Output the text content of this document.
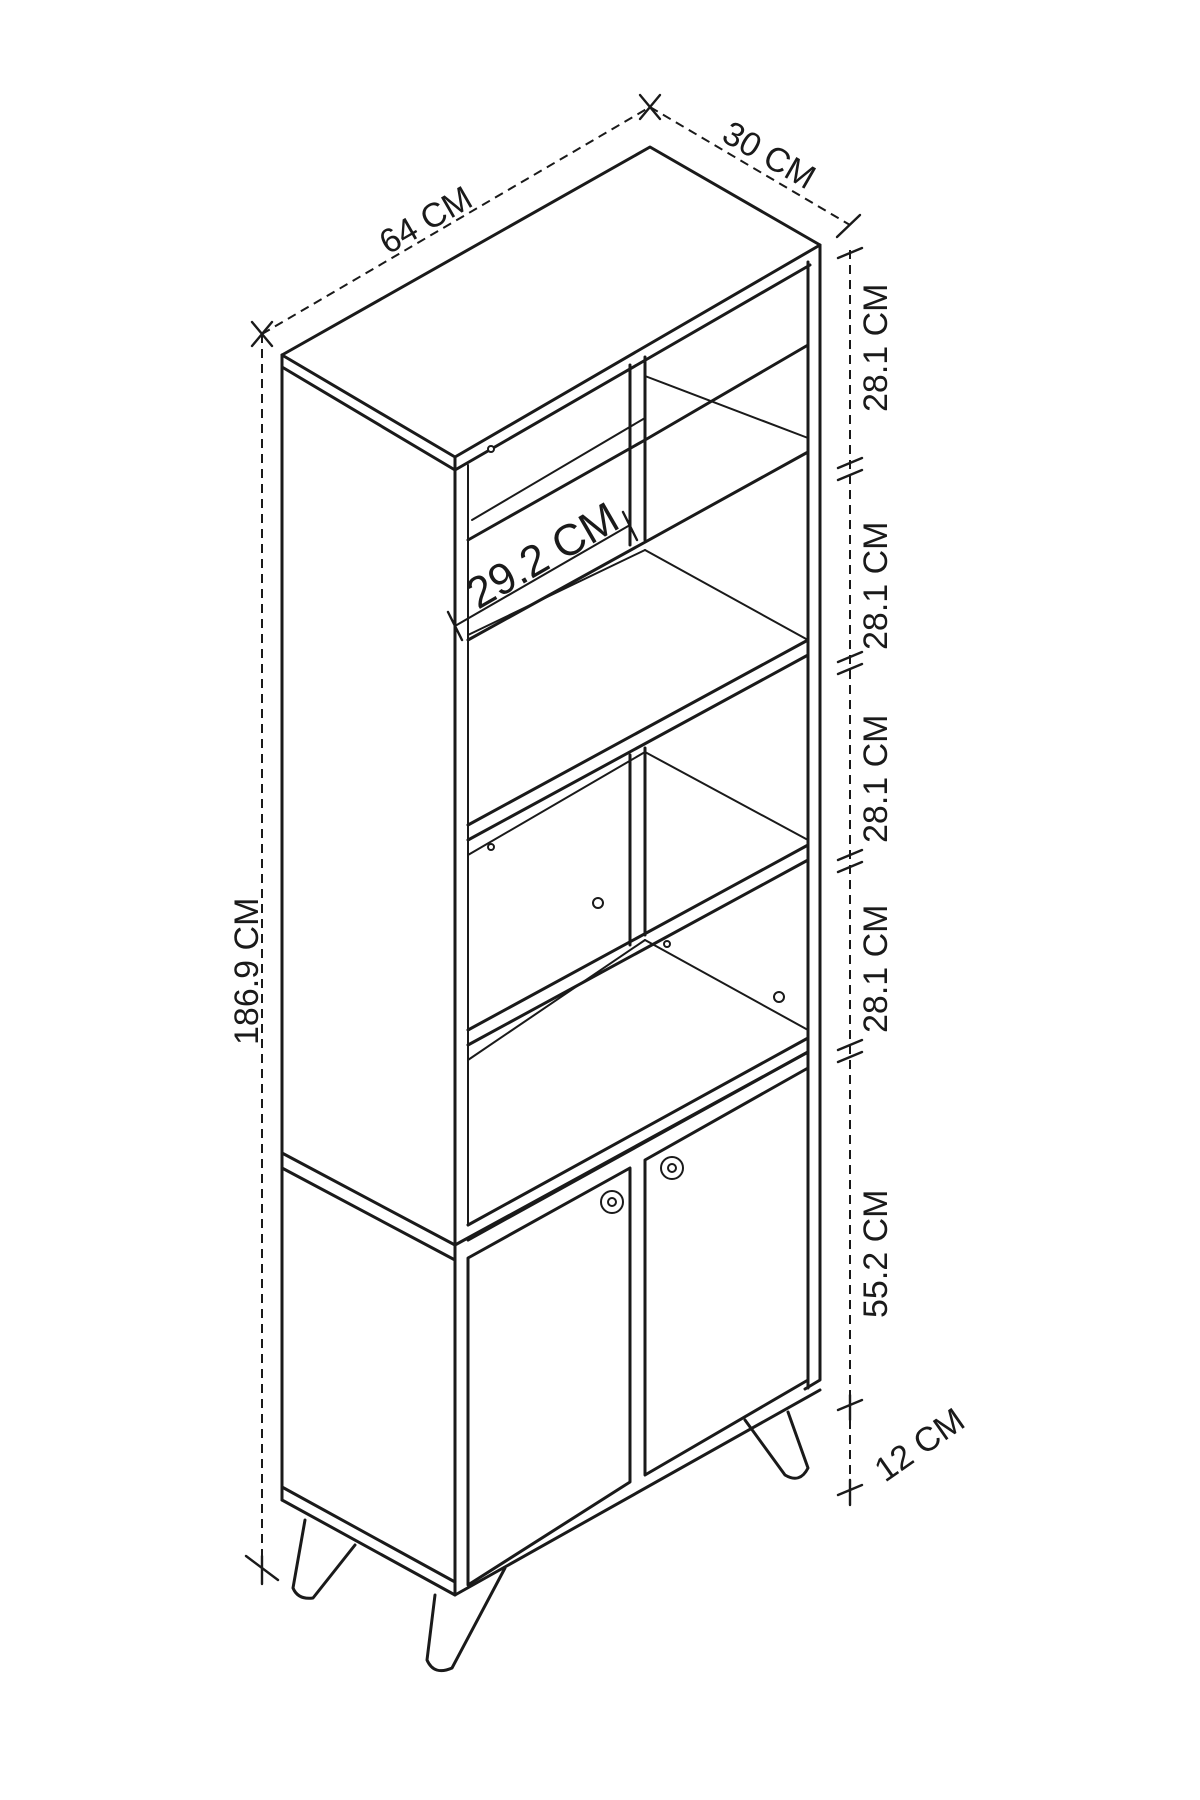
64 CM
30 CM
186.9 CM
29.2 CM
28.1 CM
28.1 CM
28.1 CM
28.1 CM
55.2 CM
12 CM
